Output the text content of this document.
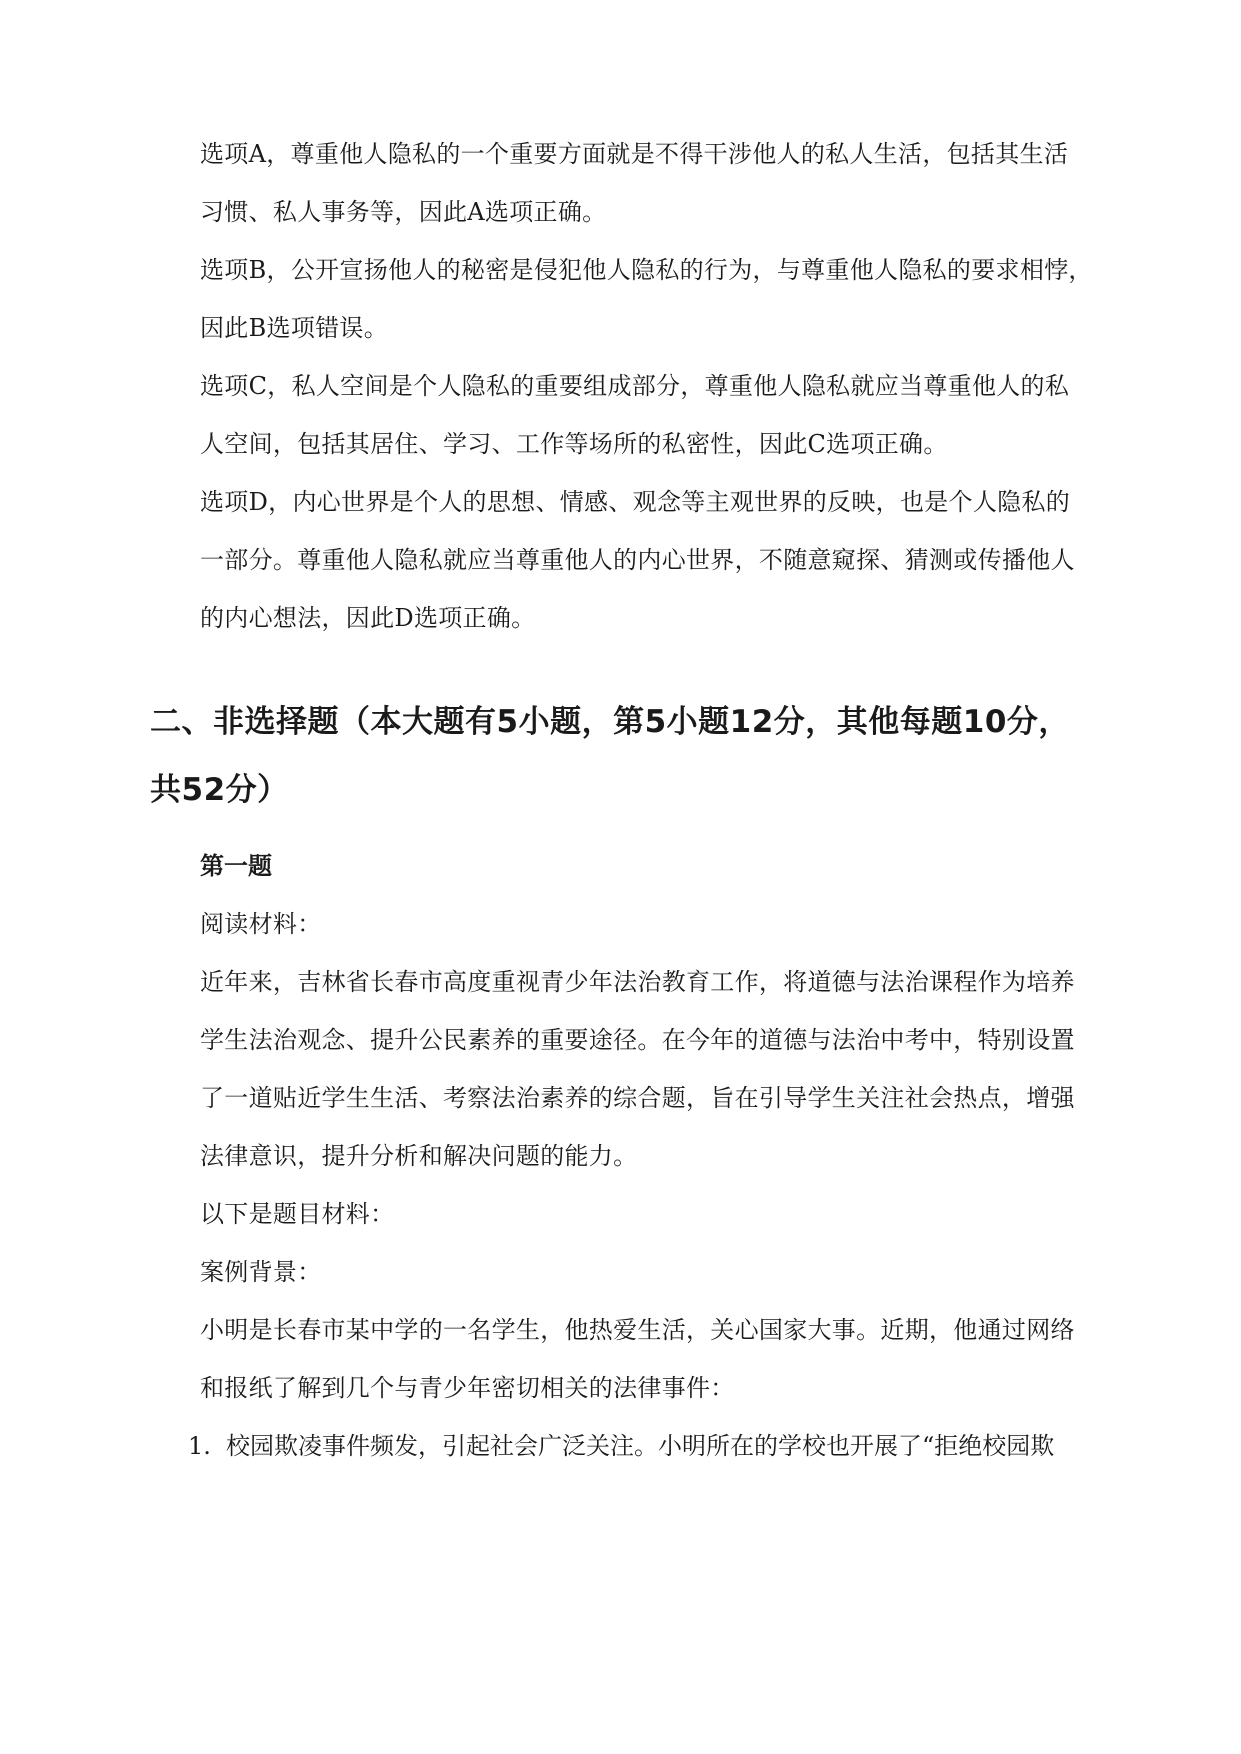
选项A，尊重他人隐私的一个重要方面就是不得干涉他人的私人生活，包括其生活
习惯、私人事务等，因此A选项正确。
选项B，公开宣扬他人的秘密是侵犯他人隐私的行为，与尊重他人隐私的要求相悖，
因此B选项错误。
选项C，私人空间是个人隐私的重要组成部分，尊重他人隐私就应当尊重他人的私
人空间，包括其居住、学习、工作等场所的私密性，因此C选项正确。
选项D，内心世界是个人的思想、情感、观念等主观世界的反映，也是个人隐私的
一部分。尊重他人隐私就应当尊重他人的内心世界，不随意窥探、猜测或传播他人
的内心想法，因此D选项正确。
二、非选择题（本大题有5小题，第5小题12分，其他每题10分，
共52分）
第一题
阅读材料：
近年来，吉林省长春市高度重视青少年法治教育工作，将道德与法治课程作为培养
学生法治观念、提升公民素养的重要途径。在今年的道德与法治中考中，特别设置
了一道贴近学生生活、考察法治素养的综合题，旨在引导学生关注社会热点，增强
法律意识，提升分析和解决问题的能力。
以下是题目材料：
案例背景：
小明是长春市某中学的一名学生，他热爱生活，关心国家大事。近期，他通过网络
和报纸了解到几个与青少年密切相关的法律事件：
1. 校园欺凌事件频发，引起社会广泛关注。小明所在的学校也开展了“拒绝校园欺
